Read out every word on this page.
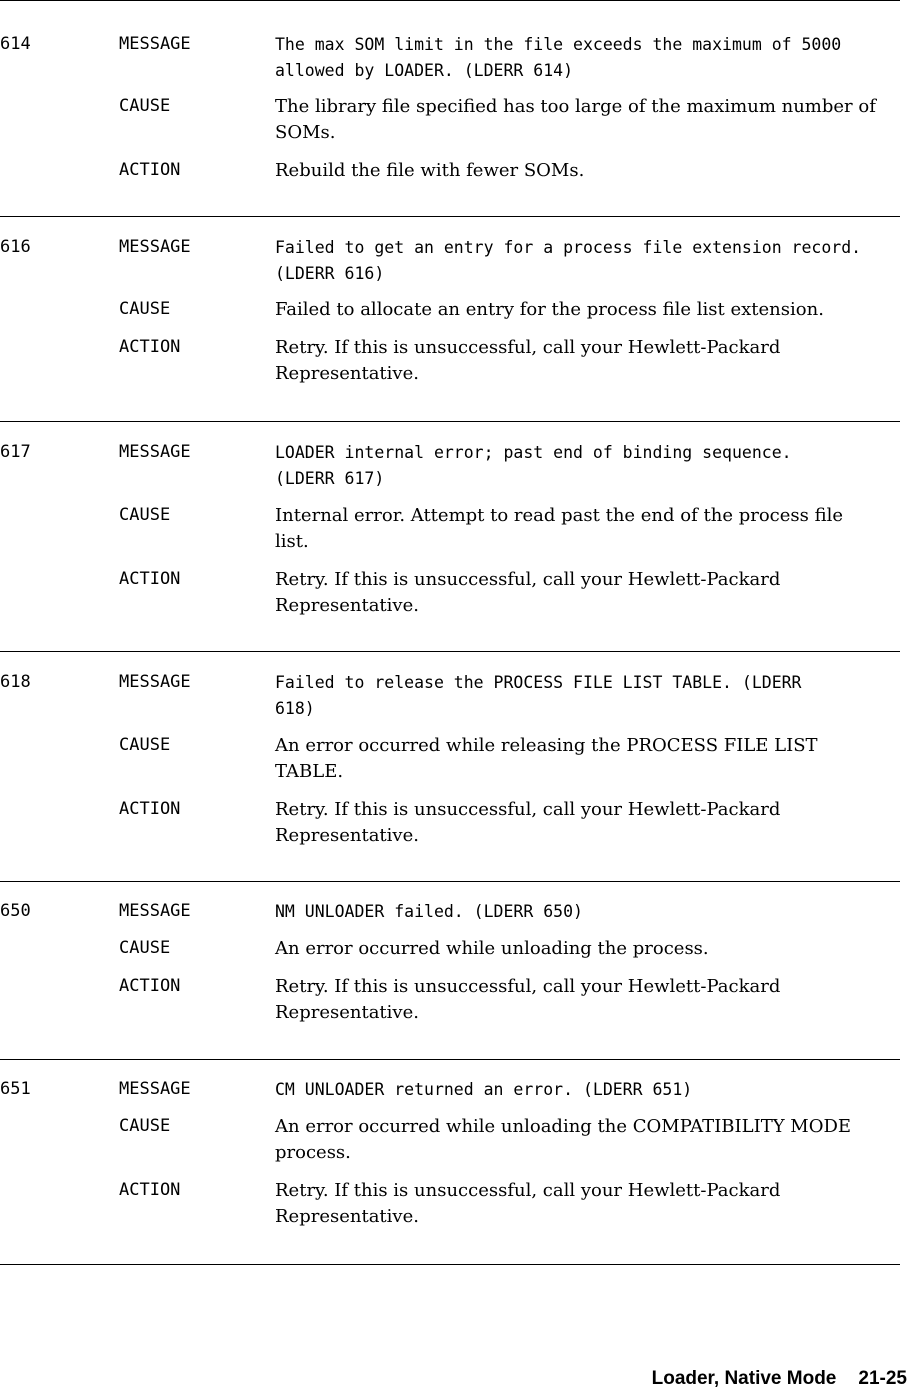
614	MESSAGE	The max SOM limit in the file exceeds the maximum of 5000
allowed by LOADER. (LDERR 614)
CAUSE	The library file specified has too large of the maximum number of
SOMs.
ACTION	Rebuild the file with fewer SOMs.
616	MESSAGE	Failed to get an entry for a process file extension record.
(LDERR 616)
CAUSE	Failed to allocate an entry for the process file list extension.
ACTION	Retry. If this is unsuccessful, call your Hewlett-Packard
Representative.
617	MESSAGE	LOADER internal error; past end of binding sequence.
(LDERR 617)
CAUSE	Internal error. Attempt to read past the end of the process file
list.
ACTION	Retry. If this is unsuccessful, call your Hewlett-Packard
Representative.
618	MESSAGE	Failed to release the PROCESS FILE LIST TABLE. (LDERR
618)
CAUSE	An error occurred while releasing the PROCESS FILE LIST
TABLE.
ACTION	Retry. If this is unsuccessful, call your Hewlett-Packard
Representative.
650	MESSAGE	NM UNLOADER failed. (LDERR 650)
CAUSE	An error occurred while unloading the process.
ACTION	Retry. If this is unsuccessful, call your Hewlett-Packard
Representative.
651	MESSAGE	CM UNLOADER returned an error. (LDERR 651)
CAUSE	An error occurred while unloading the COMPATIBILITY MODE
process.
ACTION	Retry. If this is unsuccessful, call your Hewlett-Packard
Representative.
Loader, Native Mode 21-25
